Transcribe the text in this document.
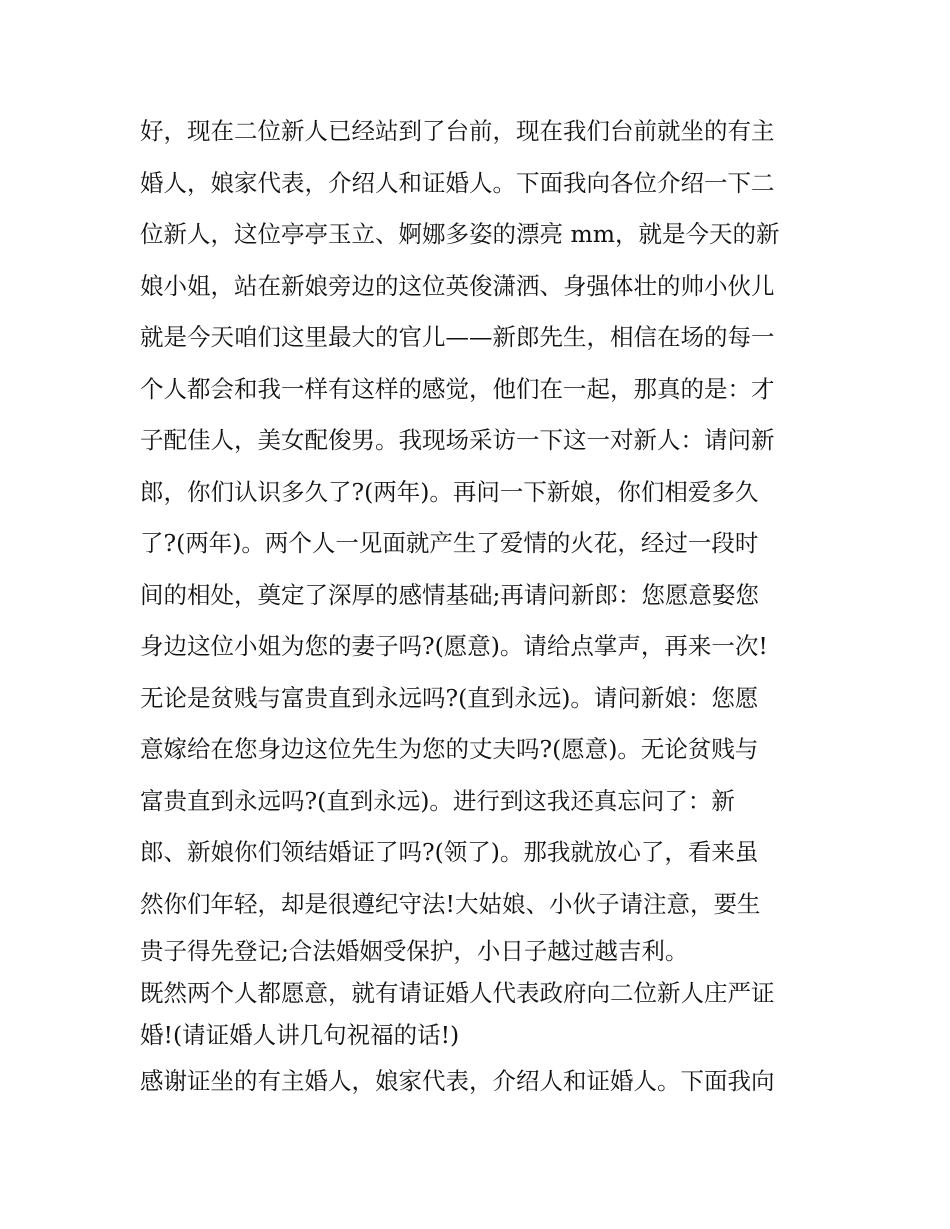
好，现在二位新人已经站到了台前，现在我们台前就坐的有主
婚人，娘家代表，介绍人和证婚人。下面我向各位介绍一下二
位新人，这位亭亭玉立、婀娜多姿的漂亮 mm，就是今天的新
娘小姐，站在新娘旁边的这位英俊潇洒、身强体壮的帅小伙儿
就是今天咱们这里最大的官儿——新郎先生，相信在场的每一
个人都会和我一样有这样的感觉，他们在一起，那真的是：才
子配佳人，美女配俊男。我现场采访一下这一对新人：请问新
郎，你们认识多久了?(两年)。再问一下新娘，你们相爱多久
了?(两年)。两个人一见面就产生了爱情的火花，经过一段时
间的相处，奠定了深厚的感情基础;再请问新郎：您愿意娶您
身边这位小姐为您的妻子吗?(愿意)。请给点掌声，再来一次!
无论是贫贱与富贵直到永远吗?(直到永远)。请问新娘：您愿
意嫁给在您身边这位先生为您的丈夫吗?(愿意)。无论贫贱与
富贵直到永远吗?(直到永远)。进行到这我还真忘问了：新
郎、新娘你们领结婚证了吗?(领了)。那我就放心了，看来虽
然你们年轻，却是很遵纪守法!大姑娘、小伙子请注意，要生
贵子得先登记;合法婚姻受保护，小日子越过越吉利。
既然两个人都愿意，就有请证婚人代表政府向二位新人庄严证
婚!(请证婚人讲几句祝福的话!)
感谢证坐的有主婚人，娘家代表，介绍人和证婚人。下面我向
